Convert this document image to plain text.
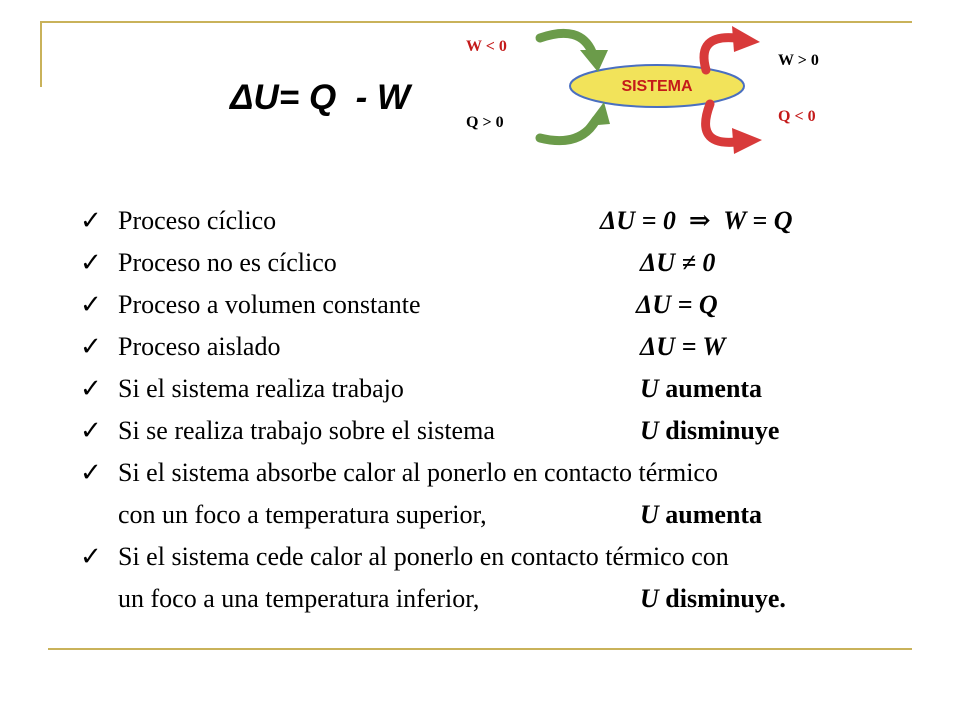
ΔU= Q  - W	SISTEMA
W < 0
Q > 0
W > 0
Q < 0
✓ Proceso cíclico	ΔU = 0  ⇒  W = Q
✓ Proceso no es cíclico	ΔU ≠ 0
✓ Proceso a volumen constante	ΔU = Q
✓ Proceso aislado	ΔU = W
✓ Si el sistema realiza trabajo	U aumenta
✓ Si se realiza trabajo sobre el sistema	U disminuye
✓ Si el sistema absorbe calor al ponerlo en contacto térmico
con un foco a temperatura superior,	U aumenta
✓ Si el sistema cede calor al ponerlo en contacto térmico con
un foco a una temperatura inferior,	U disminuye.
